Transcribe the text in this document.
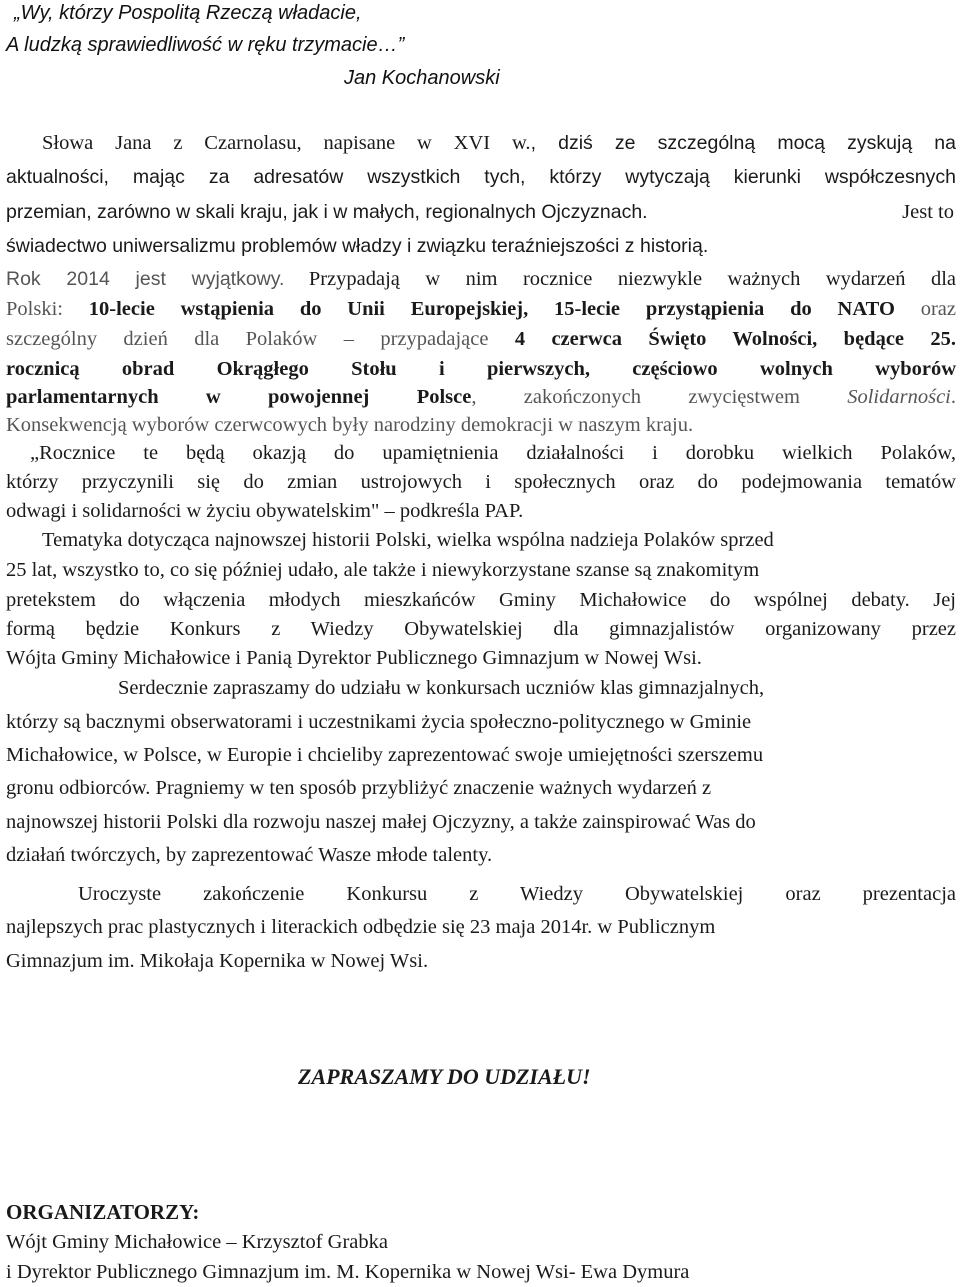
„Wy, którzy Pospolitą Rzeczą władacie,
A ludzką sprawiedliwość w ręku trzymacie…”
Jan Kochanowski
Słowa Jana z Czarnolasu, napisane w XVI w., dziś ze szczególną mocą zyskują na
aktualności, mając za adresatów wszystkich tych, którzy wytyczają kierunki współczesnych
przemian, zarówno w skali kraju, jak i w małych, regionalnych Ojczyznach.	Jest to
świadectwo uniwersalizmu problemów władzy i związku teraźniejszości z historią.
Rok 2014 jest wyjątkowy. Przypadają w nim rocznice niezwykle ważnych wydarzeń dla
Polski: 10-lecie wstąpienia do Unii Europejskiej, 15-lecie przystąpienia do NATO oraz
szczególny dzień dla Polaków – przypadające 4 czerwca Święto Wolności, będące 25.
rocznicą obrad Okrągłego Stołu i pierwszych, częściowo wolnych wyborów
parlamentarnych w powojennej Polsce, zakończonych zwycięstwem Solidarności.
Konsekwencją wyborów czerwcowych były narodziny demokracji w naszym kraju.
„Rocznice te będą okazją do upamiętnienia działalności i dorobku wielkich Polaków,
którzy przyczynili się do zmian ustrojowych i społecznych oraz do podejmowania tematów
odwagi i solidarności w życiu obywatelskim" – podkreśla PAP.
Tematyka dotycząca najnowszej historii Polski, wielka wspólna nadzieja Polaków sprzed
25 lat, wszystko to, co się później udało, ale także i niewykorzystane szanse są znakomitym
pretekstem do włączenia młodych mieszkańców Gminy Michałowice do wspólnej debaty. Jej
formą będzie Konkurs z Wiedzy Obywatelskiej dla gimnazjalistów organizowany przez
Wójta Gminy Michałowice i Panią Dyrektor Publicznego Gimnazjum w Nowej Wsi.
Serdecznie zapraszamy do udziału w konkursach uczniów klas gimnazjalnych,
którzy są bacznymi obserwatorami i uczestnikami życia społeczno-politycznego w Gminie
Michałowice, w Polsce, w Europie i chcieliby zaprezentować swoje umiejętności szerszemu
gronu odbiorców. Pragniemy w ten sposób przybliżyć znaczenie ważnych wydarzeń z
najnowszej historii Polski dla rozwoju naszej małej Ojczyzny, a także zainspirować Was do
działań twórczych, by zaprezentować Wasze młode talenty.
Uroczyste zakończenie Konkursu z Wiedzy Obywatelskiej oraz prezentacja
najlepszych prac plastycznych i literackich odbędzie się 23 maja 2014r. w Publicznym
Gimnazjum im. Mikołaja Kopernika w Nowej Wsi.
ZAPRASZAMY DO UDZIAŁU!
ORGANIZATORZY:
Wójt Gminy Michałowice – Krzysztof Grabka
i Dyrektor Publicznego Gimnazjum im. M. Kopernika w Nowej Wsi- Ewa Dymura
